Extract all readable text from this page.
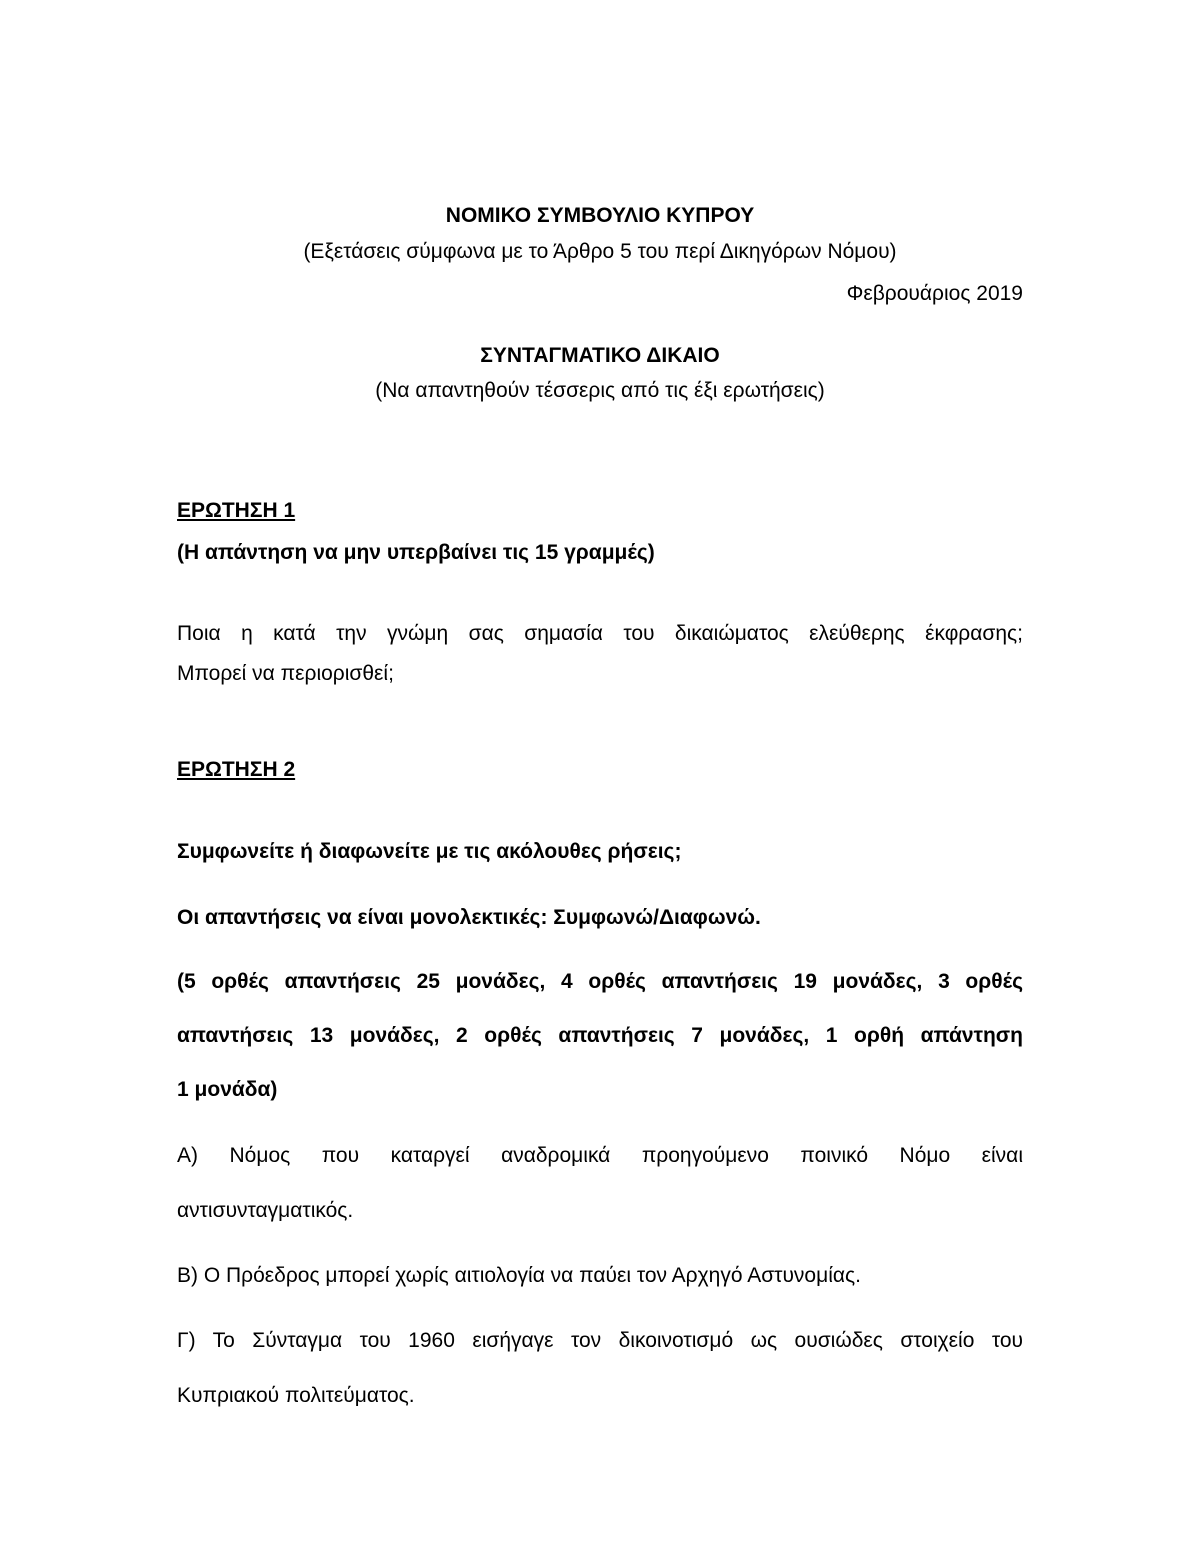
ΝΟΜΙΚΟ ΣΥΜΒΟΥΛΙΟ ΚΥΠΡΟΥ
(Εξετάσεις σύμφωνα με το Άρθρο 5 του περί Δικηγόρων Νόμου)
Φεβρουάριος 2019
ΣΥΝΤΑΓΜΑΤΙΚΟ ΔΙΚΑΙΟ
(Να απαντηθούν τέσσερις από τις έξι ερωτήσεις)
ΕΡΩΤΗΣΗ 1
(Η απάντηση να μην υπερβαίνει τις 15 γραμμές)
Ποια η κατά την γνώμη σας σημασία του δικαιώματος ελεύθερης έκφρασης;
Μπορεί να περιορισθεί;
ΕΡΩΤΗΣΗ 2
Συμφωνείτε ή διαφωνείτε με τις ακόλουθες ρήσεις;
Οι απαντήσεις να είναι μονολεκτικές: Συμφωνώ/Διαφωνώ.
(5 ορθές απαντήσεις 25 μονάδες, 4 ορθές απαντήσεις 19 μονάδες, 3 ορθές
απαντήσεις 13 μονάδες, 2 ορθές απαντήσεις 7 μονάδες, 1 ορθή απάντηση
1 μονάδα)
Α) Νόμος που καταργεί αναδρομικά προηγούμενο ποινικό Νόμο είναι
αντισυνταγματικός.
Β) Ο Πρόεδρος μπορεί χωρίς αιτιολογία να παύει τον Αρχηγό Αστυνομίας.
Γ) Το Σύνταγμα του 1960 εισήγαγε τον δικοινοτισμό ως ουσιώδες στοιχείο του
Κυπριακού πολιτεύματος.
